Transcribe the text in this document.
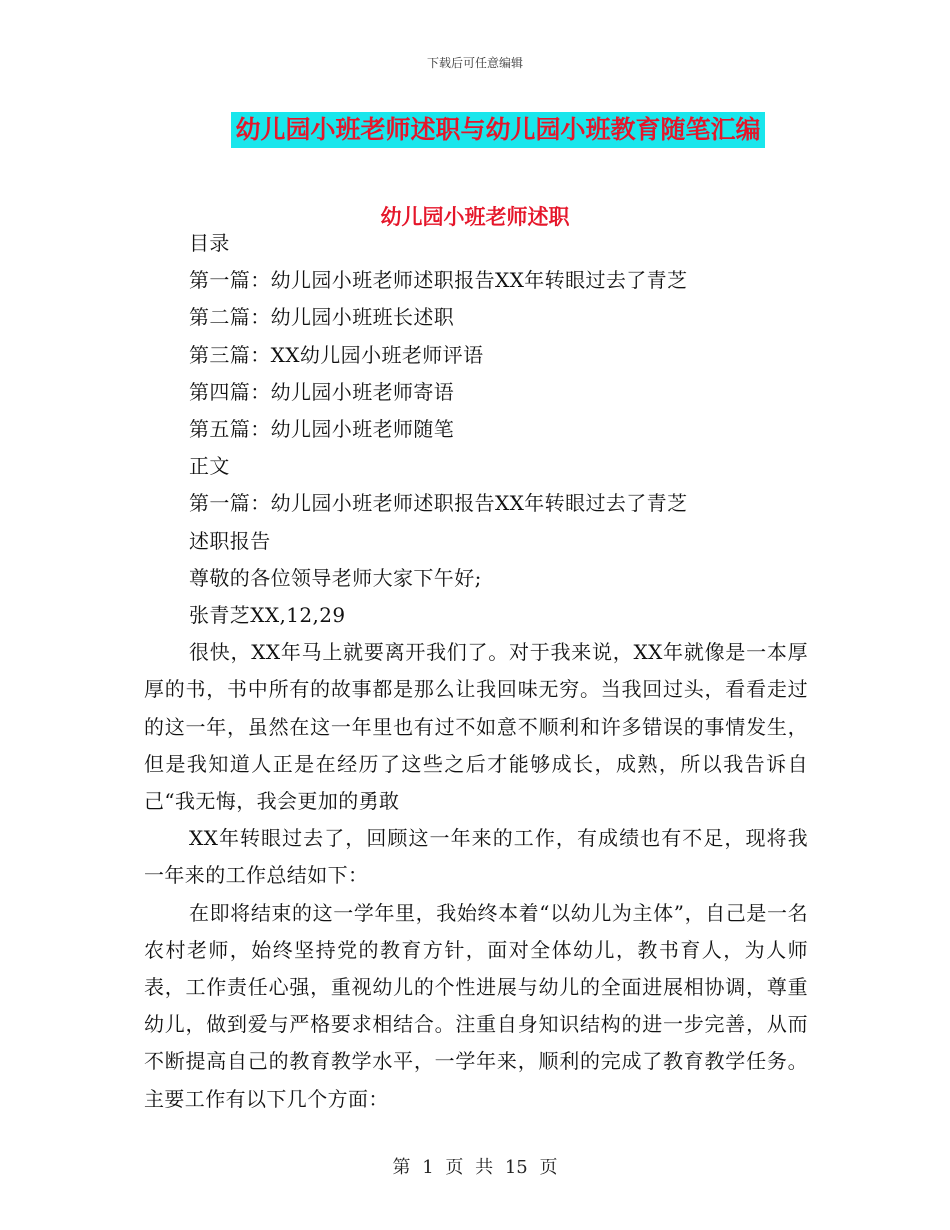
下载后可任意编辑
幼儿园小班老师述职与幼儿园小班教育随笔汇编
幼儿园小班老师述职

目录

第一篇：幼儿园小班老师述职报告XX年转眼过去了青芝

第二篇：幼儿园小班班长述职

第三篇：XX幼儿园小班老师评语

第四篇：幼儿园小班老师寄语

第五篇：幼儿园小班老师随笔

正文

第一篇：幼儿园小班老师述职报告XX年转眼过去了青芝

述职报告

尊敬的各位领导老师大家下午好;

张青芝XX,12,29

很快，XX年马上就要离开我们了。对于我来说，XX年就像是一本厚厚的书，书中所有的故事都是那么让我回味无穷。当我回过头，看看走过的这一年，虽然在这一年里也有过不如意不顺利和许多错误的事情发生，但是我知道人正是在经历了这些之后才能够成长，成熟，所以我告诉自己“我无悔，我会更加的勇敢

XX年转眼过去了，回顾这一年来的工作，有成绩也有不足，现将我一年来的工作总结如下：

在即将结束的这一学年里，我始终本着“以幼儿为主体”，自己是一名农村老师，始终坚持党的教育方针，面对全体幼儿，教书育人，为人师表，工作责任心强，重视幼儿的个性进展与幼儿的全面进展相协调，尊重幼儿，做到爱与严格要求相结合。注重自身知识结构的进一步完善，从而不断提高自己的教育教学水平，一学年来，顺利的完成了教育教学任务。主要工作有以下几个方面：

第 1 页 共 15 页
